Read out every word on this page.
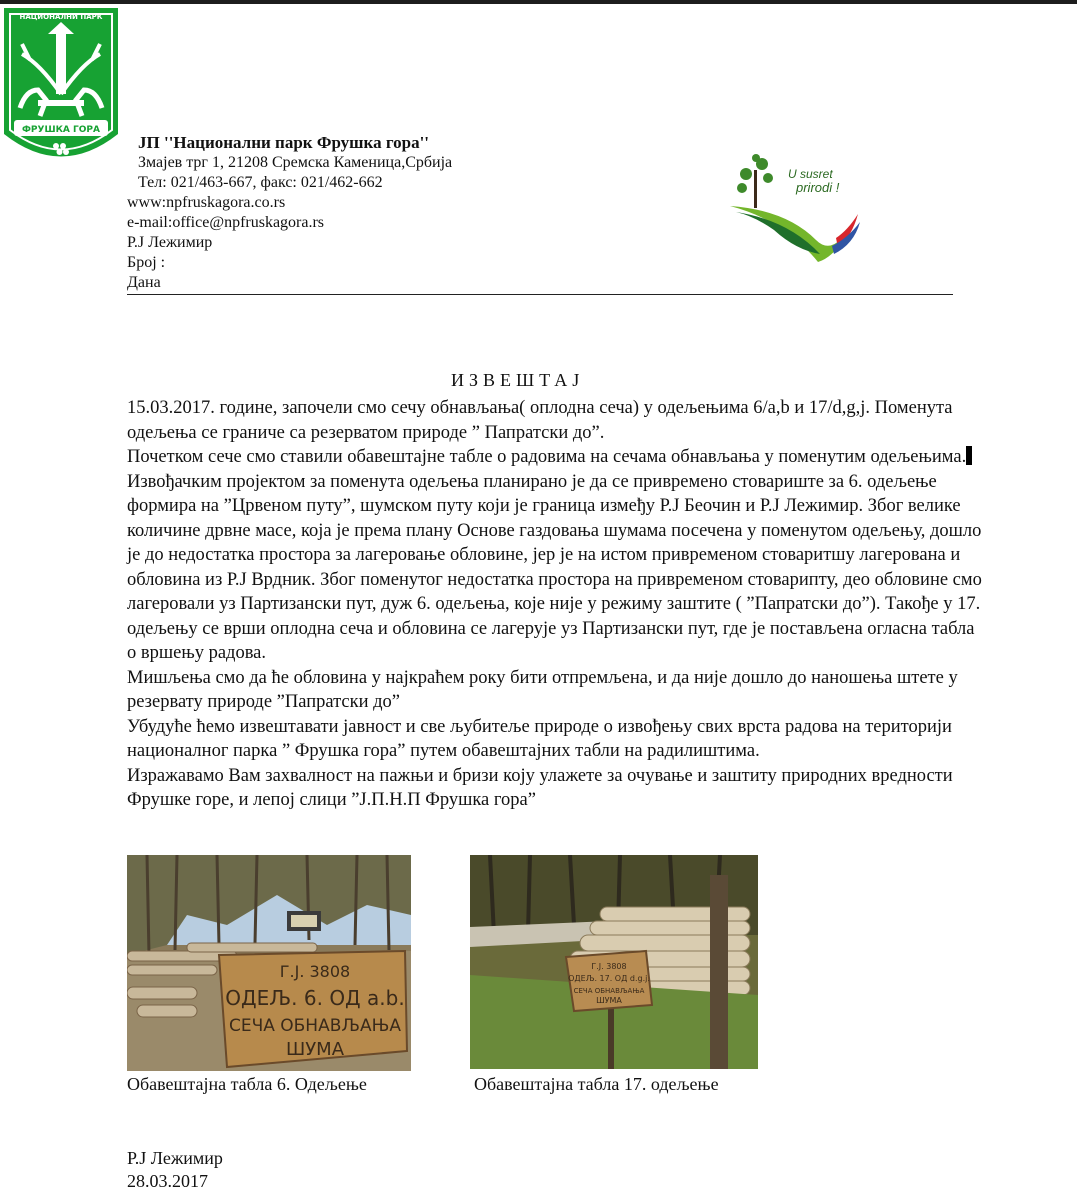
ФРУШКА ГОРА
НАЦИОНАЛНИ ПАРК
ЈП ''Национални парк Фрушка гора''
Змајев трг 1, 21208 Сремска Каменица,Србија
Тел: 021/463-667, факс: 021/462-662
www:npfruskagora.co.rs
e-mail:office@npfruskagora.rs
Р.Ј Лежимир
Број :
Дана
U susret
prirodi !
ИЗВЕШТАЈ

15.03.2017. године, започели смо сечу обнављања( оплодна сеча) у одељењима 6/a,b и 17/d,g,j. Поменута одељења се граниче са резерватом природе ” Папратски до”.

Почетком сече смо ставили обавештајне табле о радовима на сечама обнављања у поменутим одељењима.Извођачким пројектом за поменута одељења планирано је да се привремено стовариште за 6. одељење формира на ”Црвеном путу”, шумском путу који је граница између Р.Ј Беочин и Р.Ј Лежимир. Због велике количине дрвне масе, која је према плану Основе газдовања шумама посечена у поменутом одељењу, дошло је до недостатка простора за лагеровање обловине, јер је на истом привременом стоваритшу лагерована и обловина из Р.Ј Врдник. Због поменутог недостатка простора на привременом стоварипту, део обловине смо лагеровали уз Партизански пут, дуж 6. одељења, које није у режиму заштите ( ”Папратски до”). Такође у 17. одељењу се врши оплодна сеча и обловина се лагерује уз Партизански пут, где је постављена огласна табла о вршењу радова.

Мишљења смо да ће обловина у најкраћем року бити отпремљена, и да није дошло до наношења штете у резервату природе ”Папратски до”

Убудуће ћемо извештавати јавност и све љубитеље природе о извођењу свих врста радова на територији националног парка ” Фрушка гора” путем обавештајних табли на радилиштима.

Изражавамо Вам захвалност на пажњи и бризи коју улажете за очување и заштиту природних вредности Фрушке горе, и лепој слици ”Ј.П.Н.П Фрушка гора”

Г.Ј. 3808
ОДЕЉ. 6. ОД a.b.
СЕЧА ОБНАВЉАЊА
ШУМА
Обавештајна табла 6. Одељење
Г.Ј. 3808
ОДЕЉ. 17. ОД d.g.j.
СЕЧА ОБНАВЉАЊА
ШУМА
Обавештајна табла 17. одељење
Р.Ј Лежимир
28.03.2017
